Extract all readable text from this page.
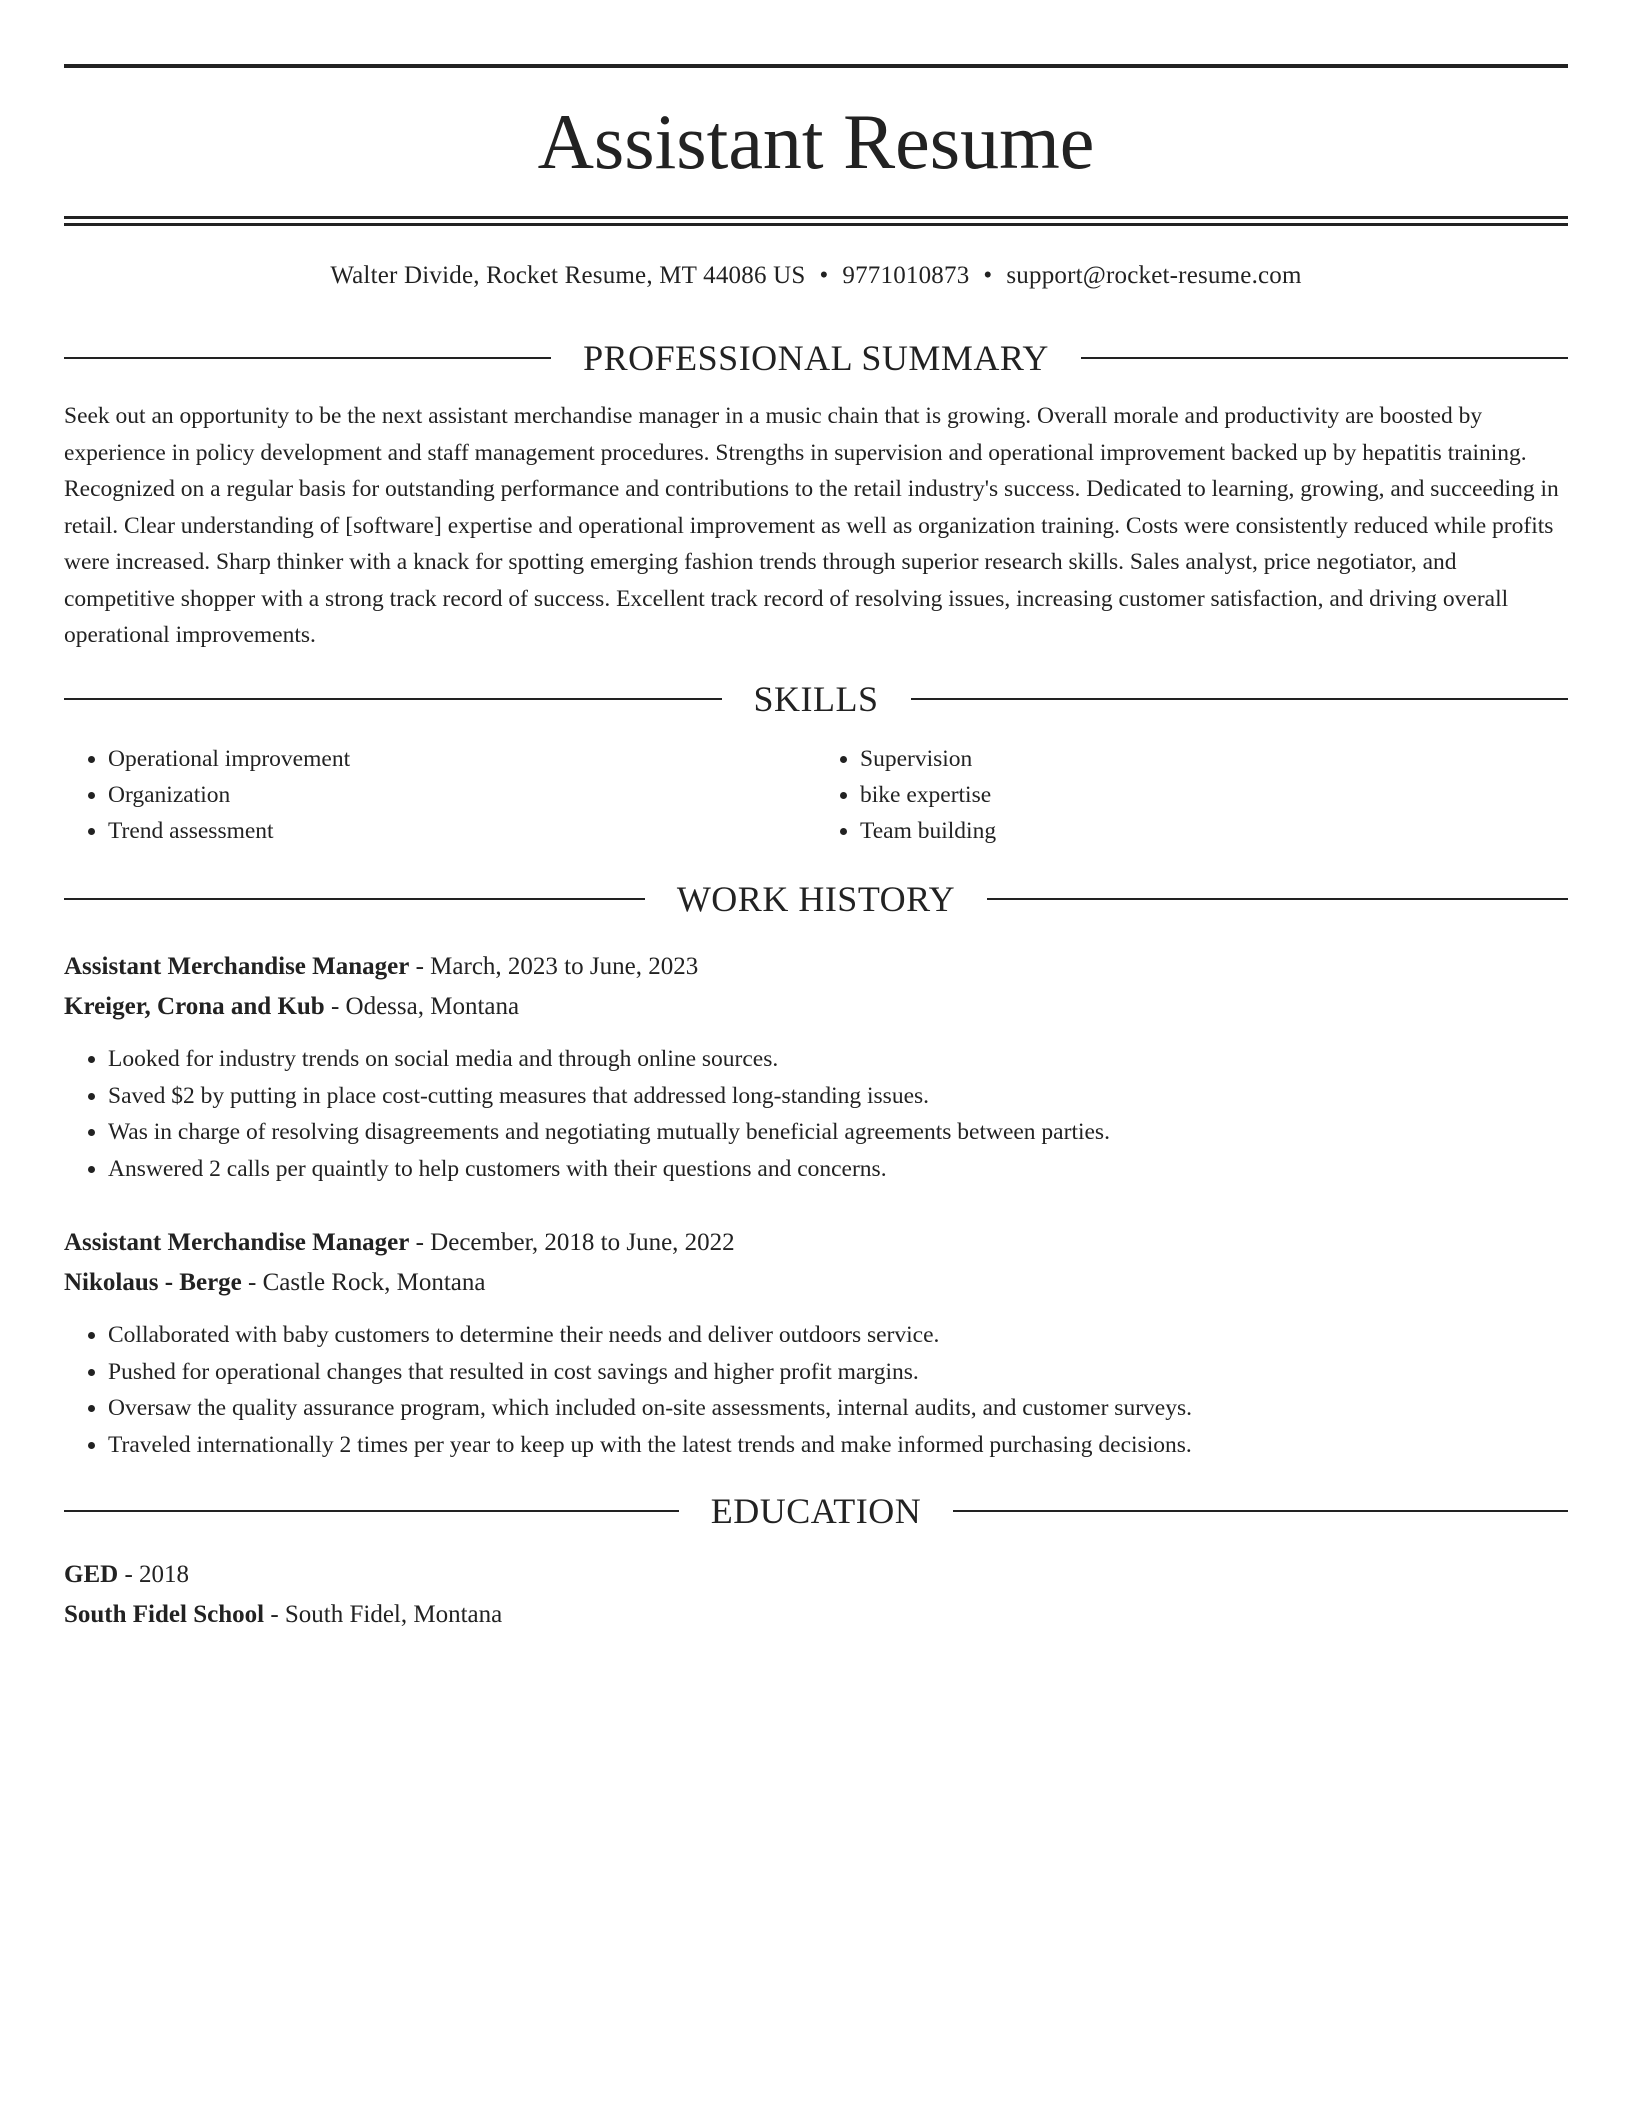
Assistant Resume
Walter Divide, Rocket Resume, MT 44086 US • 9771010873 • support@rocket-resume.com
PROFESSIONAL SUMMARY

Seek out an opportunity to be the next assistant merchandise manager in a music chain that is growing. Overall morale and productivity are boosted by experience in policy development and staff management procedures. Strengths in supervision and operational improvement backed up by hepatitis training. Recognized on a regular basis for outstanding performance and contributions to the retail industry's success. Dedicated to learning, growing, and succeeding in retail. Clear understanding of [software] expertise and operational improvement as well as organization training. Costs were consistently reduced while profits were increased. Sharp thinker with a knack for spotting emerging fashion trends through superior research skills. Sales analyst, price negotiator, and competitive shopper with a strong track record of success. Excellent track record of resolving issues, increasing customer satisfaction, and driving overall operational improvements.

SKILLS
• Operational improvement
• Organization
• Trend assessment
• Supervision
• bike expertise
• Team building
WORK HISTORY
Assistant Merchandise Manager - March, 2023 to June, 2023
Kreiger, Crona and Kub - Odessa, Montana
• Looked for industry trends on social media and through online sources.
• Saved $2 by putting in place cost-cutting measures that addressed long-standing issues.
• Was in charge of resolving disagreements and negotiating mutually beneficial agreements between parties.
• Answered 2 calls per quaintly to help customers with their questions and concerns.
Assistant Merchandise Manager - December, 2018 to June, 2022
Nikolaus - Berge - Castle Rock, Montana
• Collaborated with baby customers to determine their needs and deliver outdoors service.
• Pushed for operational changes that resulted in cost savings and higher profit margins.
• Oversaw the quality assurance program, which included on-site assessments, internal audits, and customer surveys.
• Traveled internationally 2 times per year to keep up with the latest trends and make informed purchasing decisions.
EDUCATION
GED - 2018
South Fidel School - South Fidel, Montana
